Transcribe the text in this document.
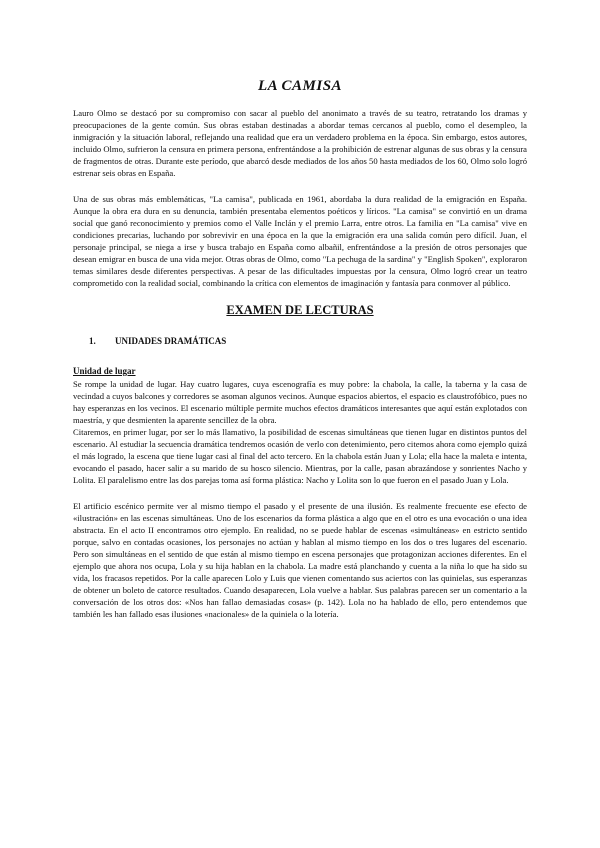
LA CAMISA

Lauro Olmo se destacó por su compromiso con sacar al pueblo del anonimato a través de su teatro, retratando los dramas y preocupaciones de la gente común. Sus obras estaban destinadas a abordar temas cercanos al pueblo, como el desempleo, la inmigración y la situación laboral, reflejando una realidad que era un verdadero problema en la época. Sin embargo, estos autores, incluido Olmo, sufrieron la censura en primera persona, enfrentándose a la prohibición de estrenar algunas de sus obras y la censura de fragmentos de otras. Durante este período, que abarcó desde mediados de los años 50 hasta mediados de los 60, Olmo solo logró estrenar seis obras en España.

Una de sus obras más emblemáticas, "La camisa", publicada en 1961, abordaba la dura realidad de la emigración en España. Aunque la obra era dura en su denuncia, también presentaba elementos poéticos y líricos. "La camisa" se convirtió en un drama social que ganó reconocimiento y premios como el Valle Inclán y el premio Larra, entre otros. La familia en "La camisa" vive en condiciones precarias, luchando por sobrevivir en una época en la que la emigración era una salida común pero difícil. Juan, el personaje principal, se niega a irse y busca trabajo en España como albañil, enfrentándose a la presión de otros personajes que desean emigrar en busca de una vida mejor. Otras obras de Olmo, como "La pechuga de la sardina" y "English Spoken", exploraron temas similares desde diferentes perspectivas. A pesar de las dificultades impuestas por la censura, Olmo logró crear un teatro comprometido con la realidad social, combinando la crítica con elementos de imaginación y fantasía para conmover al público.

EXAMEN DE LECTURAS
1. UNIDADES DRAMÁTICAS
Unidad de lugar

Se rompe la unidad de lugar. Hay cuatro lugares, cuya escenografía es muy pobre: la chabola, la calle, la taberna y la casa de vecindad a cuyos balcones y corredores se asoman algunos vecinos. Aunque espacios abiertos, el espacio es claustrofóbico, pues no hay esperanzas en los vecinos. El escenario múltiple permite muchos efectos dramáticos interesantes que aquí están explotados con maestría, y que desmienten la aparente sencillez de la obra.

Citaremos, en primer lugar, por ser lo más llamativo, la posibilidad de escenas simultáneas que tienen lugar en distintos puntos del escenario. Al estudiar la secuencia dramática tendremos ocasión de verlo con detenimiento, pero citemos ahora como ejemplo quizá el más logrado, la escena que tiene lugar casi al final del acto tercero. En la chabola están Juan y Lola; ella hace la maleta e intenta, evocando el pasado, hacer salir a su marido de su hosco silencio. Mientras, por la calle, pasan abrazándose y sonrientes Nacho y Lolita. El paralelismo entre las dos parejas toma así forma plástica: Nacho y Lolita son lo que fueron en el pasado Juan y Lola.

El artificio escénico permite ver al mismo tiempo el pasado y el presente de una ilusión. Es realmente frecuente ese efecto de «ilustración» en las escenas simultáneas. Uno de los escenarios da forma plástica a algo que en el otro es una evocación o una idea abstracta. En el acto II encontramos otro ejemplo. En realidad, no se puede hablar de escenas «simultáneas» en estricto sentido porque, salvo en contadas ocasiones, los personajes no actúan y hablan al mismo tiempo en los dos o tres lugares del escenario. Pero son simultáneas en el sentido de que están al mismo tiempo en escena personajes que protagonizan acciones diferentes. En el ejemplo que ahora nos ocupa, Lola y su hija hablan en la chabola. La madre está planchando y cuenta a la niña lo que ha sido su vida, los fracasos repetidos. Por la calle aparecen Lolo y Luis que vienen comentando sus aciertos con las quinielas, sus esperanzas de obtener un boleto de catorce resultados. Cuando desaparecen, Lola vuelve a hablar. Sus palabras parecen ser un comentario a la conversación de los otros dos: «Nos han fallao demasiadas cosas» (p. 142). Lola no ha hablado de ello, pero entendemos que también les han fallado esas ilusiones «nacionales» de la quiniela o la lotería.
